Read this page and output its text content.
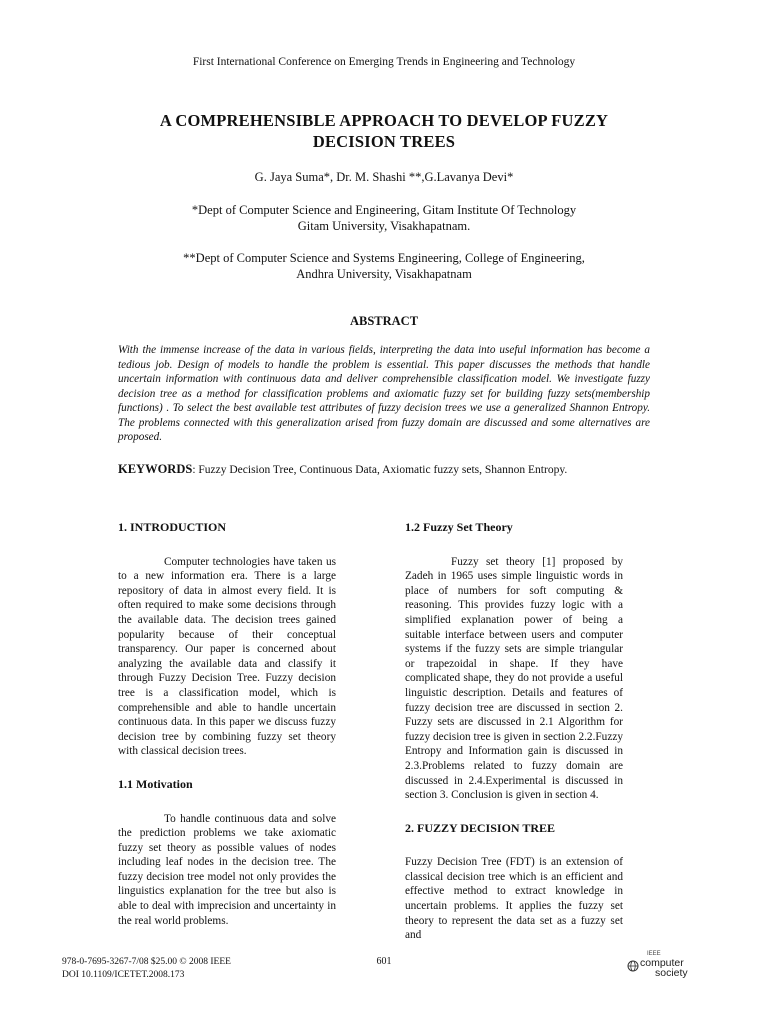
First International Conference on Emerging Trends in Engineering and Technology
A COMPREHENSIBLE APPROACH TO DEVELOP FUZZY
DECISION TREES
G. Jaya Suma*, Dr. M. Shashi **,G.Lavanya Devi*
*Dept of Computer Science and Engineering, Gitam Institute Of Technology
Gitam University, Visakhapatnam.
**Dept of Computer Science and Systems Engineering, College of Engineering,
Andhra University, Visakhapatnam
ABSTRACT
With the immense increase of the data in various fields, interpreting the data into useful information has become a tedious job. Design of models to handle the problem is essential. This paper discusses the methods that handle uncertain information with continuous data and deliver comprehensible classification model. We investigate fuzzy decision tree as a method for classification problems and axiomatic fuzzy set for building fuzzy sets(membership functions) . To select the best available test attributes of fuzzy decision trees we use a generalized Shannon Entropy. The problems connected with this generalization arised from fuzzy domain are discussed and some alternatives are proposed.
KEYWORDS: Fuzzy Decision Tree, Continuous Data, Axiomatic fuzzy sets, Shannon Entropy.
1. INTRODUCTION

Computer technologies have taken us to a new information era. There is a large repository of data in almost every field. It is often required to make some decisions through the available data. The decision trees gained popularity because of their conceptual transparency. Our paper is concerned about analyzing the available data and classify it through Fuzzy Decision Tree. Fuzzy decision tree is a classification model, which is comprehensible and able to handle uncertain continuous data. In this paper we discuss fuzzy decision tree by combining fuzzy set theory with classical decision trees.

1.1 Motivation

To handle continuous data and solve the prediction problems we take axiomatic fuzzy set theory as possible values of nodes including leaf nodes in the decision tree. The fuzzy decision tree model not only provides the linguistics explanation for the tree but also is able to deal with imprecision and uncertainty in the real world problems.

1.2 Fuzzy Set Theory

Fuzzy set theory [1] proposed by Zadeh in 1965 uses simple linguistic words in place of numbers for soft computing & reasoning. This provides fuzzy logic with a simplified explanation power of being a suitable interface between users and computer systems if the fuzzy sets are simple triangular or trapezoidal in shape. If they have complicated shape, they do not provide a useful linguistic description. Details and features of fuzzy decision tree are discussed in section 2. Fuzzy sets are discussed in 2.1 Algorithm for fuzzy decision tree is given in section 2.2.Fuzzy Entropy and Information gain is discussed in 2.3.Problems related to fuzzy domain are discussed in 2.4.Experimental is discussed in section 3. Conclusion is given in section 4.

2. FUZZY DECISION TREE

Fuzzy Decision Tree (FDT) is an extension of classical decision tree which is an efficient and effective method to extract knowledge in uncertain problems. It applies the fuzzy set theory to represent the data set as a fuzzy set and

978-0-7695-3267-7/08 $25.00 © 2008 IEEE
DOI 10.1109/ICETET.2008.173
601
IEEE
computer
society
